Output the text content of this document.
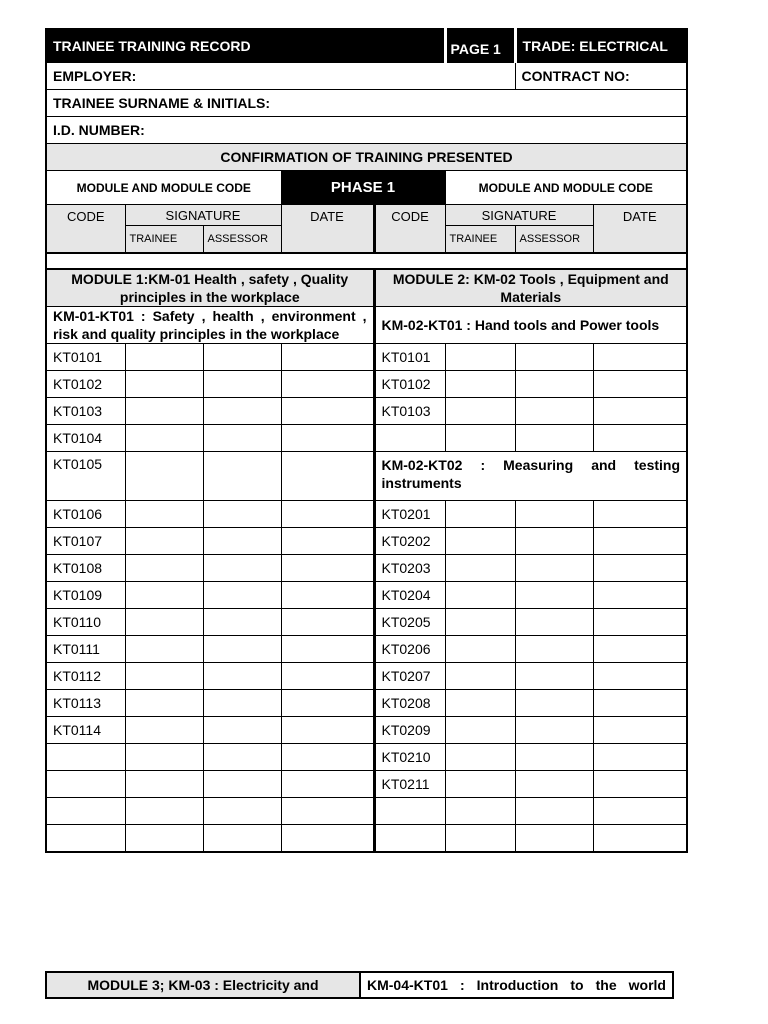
TRAINEE TRAINING RECORD					PAGE 1	TRADE: ELECTRICAL	
EMPLOYER:						CONTRACT NO:	
TRAINEE SURNAME & INITIALS:							
I.D. NUMBER:							
CONFIRMATION OF TRAINING PRESENTED							
MODULE AND MODULE CODE			PHASE 1		MODULE AND MODULE CODE		
CODE	SIGNATURE		DATE	CODE	SIGNATURE		DATE
	TRAINEE	ASSESSOR			TRAINEE	ASSESSOR	

MODULE 1:KM-01 Health , safety , Quality principles in the workplace				MODULE 2: KM-02 Tools , Equipment and Materials			
KM-01-KT01 : Safety , health , environment , risk and quality principles in the workplace				KM-02-KT01 : Hand tools and Power tools			
KT0101				KT0101			
KT0102				KT0102			
KT0103				KT0103			
KT0104							
KT0105				KM-02-KT02 : Measuring and testing instruments			
KT0106				KT0201			
KT0107				KT0202			
KT0108				KT0203			
KT0109				KT0204			
KT0110				KT0205			
KT0111				KT0206			
KT0112				KT0207			
KT0113				KT0208			
KT0114				KT0209			
				KT0210			
				KT0211			

MODULE 3; KM-03 : Electricity and	KM-04-KT01 : Introduction to the world
